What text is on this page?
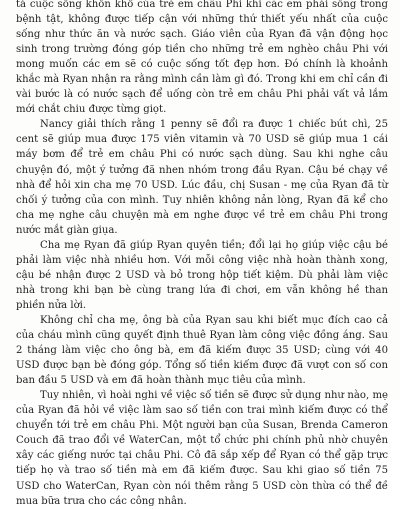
tả cuộc sống khốn khổ của trẻ em châu Phi khi các em phải sống trong bệnh tật, không được tiếp cận với những thứ thiết yếu nhất của cuộc sống như thức ăn và nước sạch. Giáo viên của Ryan đã vận động học sinh trong trường đóng góp tiền cho những trẻ em nghèo châu Phi với mong muốn các em sẽ có cuộc sống tốt đẹp hơn. Đó chính là khoảnh khắc mà Ryan nhận ra rằng mình cần làm gì đó. Trong khi em chỉ cần đi vài bước là có nước sạch để uống còn trẻ em châu Phi phải vất vả lắm mới chắt chiu được từng giọt.

Nancy giải thích rằng 1 penny sẽ đổi ra được 1 chiếc bút chì, 25 cent sẽ giúp mua được 175 viên vitamin và 70 USD sẽ giúp mua 1 cái máy bơm để trẻ em châu Phi có nước sạch dùng. Sau khi nghe câu chuyện đó, một ý tưởng đã nhen nhóm trong đầu Ryan. Cậu bé chạy về nhà để hỏi xin cha mẹ 70 USD. Lúc đầu, chị Susan - mẹ của Ryan đã từ chối ý tưởng của con mình. Tuy nhiên không nản lòng, Ryan đã kể cho cha mẹ nghe câu chuyện mà em nghe được về trẻ em châu Phi trong nước mắt giàn giụa.

Cha mẹ Ryan đã giúp Ryan quyên tiền; đổi lại họ giúp việc cậu bé phải làm việc nhà nhiều hơn. Với mỗi công việc nhà hoàn thành xong, cậu bé nhận được 2 USD và bỏ trong hộp tiết kiệm. Dù phải làm việc nhà trong khi bạn bè cùng trang lứa đi chơi, em vẫn không hề than phiền nửa lời.

Không chỉ cha mẹ, ông bà của Ryan sau khi biết mục đích cao cả của cháu mình cũng quyết định thuê Ryan làm công việc đồng áng. Sau 2 tháng làm việc cho ông bà, em đã kiếm được 35 USD; cùng với 40 USD được bạn bè đóng góp. Tổng số tiền kiếm được đã vượt con số con ban đầu 5 USD và em đã hoàn thành mục tiêu của mình.

Tuy nhiên, vì hoài nghi về việc số tiền sẽ được sử dụng như nào, mẹ của Ryan đã hỏi về việc làm sao số tiền con trai mình kiếm được có thể chuyển tới trẻ em châu Phi. Một người bạn của Susan, Brenda Cameron Couch đã trao đổi về WaterCan, một tổ chức phi chính phủ nhờ chuyên xây các giếng nước tại châu Phi. Cô đã sắp xếp để Ryan có thể gặp trực tiếp họ và trao số tiền mà em đã kiếm được. Sau khi giao số tiền 75 USD cho WaterCan, Ryan còn nói thêm rằng 5 USD còn thừa có thể đề mua bữa trưa cho các công nhân.
